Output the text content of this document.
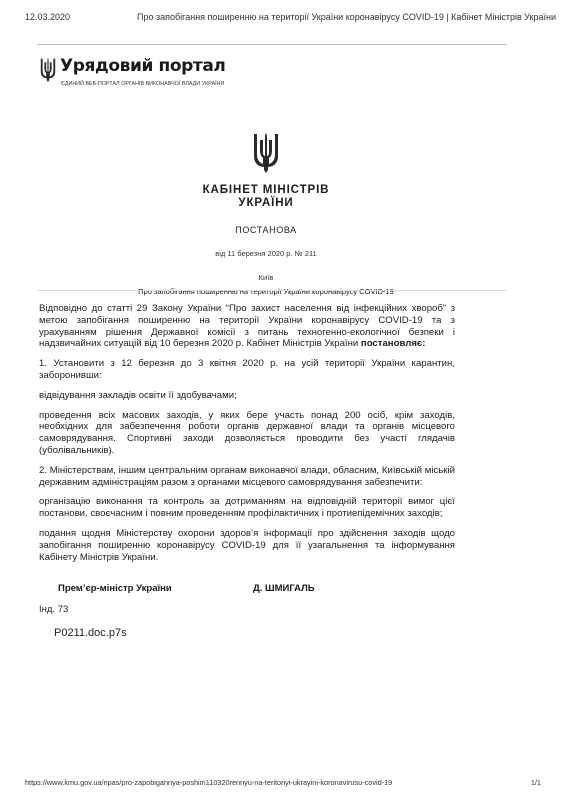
12.03.2020	Про запобігання поширенню на території України коронавірусу COVID-19 | Кабінет Міністрів України
Урядовий портал
ЄДИНИЙ ВЕБ-ПОРТАЛ ОРГАНІВ ВИКОНАВЧОЇ ВЛАДИ УКРАЇНИ
КАБІНЕТ МІНІСТРІВ
УКРАЇНИ
ПОСТАНОВА
від 11 березня 2020 р. № 211
Київ
Про запобігання поширенню на території України коронавірусу COVID-19

Відповідно до статті 29 Закону України “Про захист населення від інфекційних хвороб” з метою запобігання поширенню на території України коронавірусу COVID-19 та з урахуванням рішення Державної комісії з питань техногенно-екологічної безпеки і надзвичайних ситуацій від 10 березня 2020 р. Кабінет Міністрів України постановляє:

1. Установити з 12 березня до 3 квітня 2020 р. на усій території України карантин, заборонивши:

відвідування закладів освіти її здобувачами;

проведення всіх масових заходів, у яких бере участь понад 200 осіб, крім заходів, необхідних для забезпечення роботи органів державної влади та органів місцевого самоврядування. Спортивні заходи дозволяється проводити без участі глядачів (уболівальників).

2. Міністерствам, іншим центральним органам виконавчої влади, обласним, Київській міській державним адміністраціям разом з органами місцевого самоврядування забезпечити:

організацію виконання та контроль за дотриманням на відповідній території вимог цієї постанови, своєчасним і повним проведенням профілактичних і протиепідемічних заходів;

подання щодня Міністерству охорони здоров’я інформації про здійснення заходів щодо запобігання поширенню коронавірусу COVID-19 для її узагальнення та інформування Кабінету Міністрів України.

Прем’єр-міністр України	Д. ШМИГАЛЬ
Інд. 73
P0211.doc.p7s
https://www.kmu.gov.ua/npas/pro-zapobigannya-poshim110320rennyu-na-teritoriyi-ukrayini-koronavirusu-covid-19	1/1
